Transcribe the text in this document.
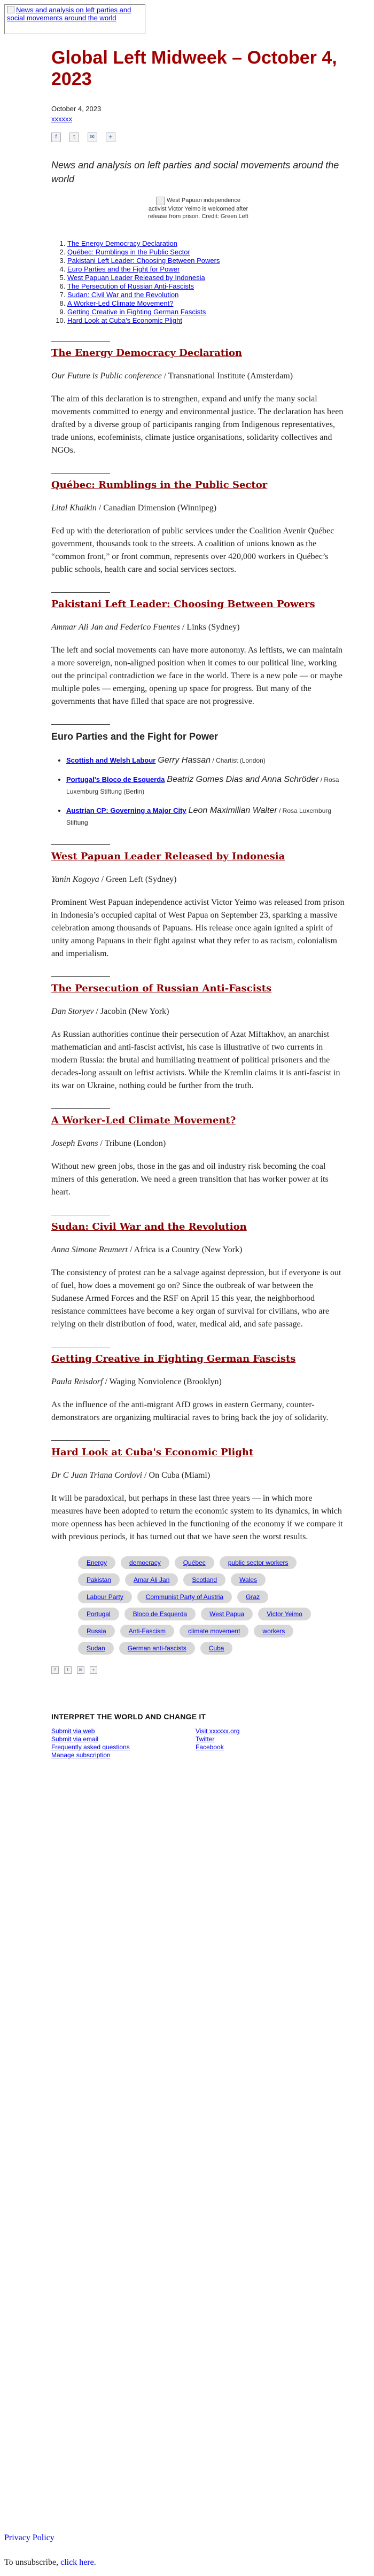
News and analysis on left parties and social movements around the world
Global Left Midweek – October 4, 2023
October 4, 2023
xxxxxx
f	t	✉	+
News and analysis on left parties and social movements around the world
West Papuan independence activist Victor Yeimo is welcomed after release from prison. Credit: Green Left
1. The Energy Democracy Declaration
2. Québec: Rumblings in the Public Sector
3. Pakistani Left Leader: Choosing Between Powers
4. Euro Parties and the Fight for Power
5. West Papuan Leader Released by Indonesia
6. The Persecution of Russian Anti-Fascists
7. Sudan: Civil War and the Revolution
8. A Worker-Led Climate Movement?
9. Getting Creative in Fighting German Fascists
10. Hard Look at Cuba's Economic Plight
The Energy Democracy Declaration
Our Future is Public conference / Transnational Institute (Amsterdam)
The aim of this declaration is to strengthen, expand and unify the many social movements committed to energy and environmental justice. The declaration has been drafted by a diverse group of participants ranging from Indigenous representatives, trade unions, ecofeminists, climate justice organisations, solidarity collectives and NGOs.
Québec: Rumblings in the Public Sector
Lital Khaikin / Canadian Dimension (Winnipeg)
Fed up with the deterioration of public services under the Coalition Avenir Québec government, thousands took to the streets. A coalition of unions known as the “common front,” or front commun, represents over 420,000 workers in Québec’s public schools, health care and social services sectors.
Pakistani Left Leader: Choosing Between Powers
Ammar Ali Jan and Federico Fuentes / Links (Sydney)
The left and social movements can have more autonomy. As leftists, we can maintain a more sovereign, non-aligned position when it comes to our political line, working out the principal contradiction we face in the world. There is a new pole — or maybe multiple poles — emerging, opening up space for progress. But many of the governments that have filled that space are not progressive.
Euro Parties and the Fight for Power
• Scottish and Welsh Labour Gerry Hassan / Chartist (London)
• Portugal's Bloco de Esquerda Beatriz Gomes Dias and Anna Schröder / Rosa Luxemburg Stiftung (Berlin)
• Austrian CP: Governing a Major City Leon Maximilian Walter / Rosa Luxemburg Stiftung
West Papuan Leader Released by Indonesia
Yanin Kogoya / Green Left (Sydney)
Prominent West Papuan independence activist Victor Yeimo was released from prison in Indonesia’s occupied capital of West Papua on September 23, sparking a massive celebration among thousands of Papuans. His release once again ignited a spirit of unity among Papuans in their fight against what they refer to as racism, colonialism and imperialism.
The Persecution of Russian Anti-Fascists
Dan Storyev / Jacobin (New York)
As Russian authorities continue their persecution of Azat Miftakhov, an anarchist mathematician and anti-fascist activist, his case is illustrative of two currents in modern Russia: the brutal and humiliating treatment of political prisoners and the decades-long assault on leftist activists. While the Kremlin claims it is anti-fascist in its war on Ukraine, nothing could be further from the truth.
A Worker-Led Climate Movement?
Joseph Evans / Tribune (London)
Without new green jobs, those in the gas and oil industry risk becoming the coal miners of this generation. We need a green transition that has worker power at its heart.
Sudan: Civil War and the Revolution
Anna Simone Reumert / Africa is a Country (New York)
The consistency of protest can be a salvage against depression, but if everyone is out of fuel, how does a movement go on? Since the outbreak of war between the Sudanese Armed Forces and the RSF on April 15 this year, the neighborhood resistance committees have become a key organ of survival for civilians, who are relying on their distribution of food, water, medical aid, and safe passage.
Getting Creative in Fighting German Fascists
Paula Reisdorf / Waging Nonviolence (Brooklyn)
As the influence of the anti-migrant AfD grows in eastern Germany, counter-demonstrators are organizing multiracial raves to bring back the joy of solidarity.
Hard Look at Cuba's Economic Plight
Dr C Juan Triana Cordovi / On Cuba (Miami)
It will be paradoxical, but perhaps in these last three years — in which more measures have been adopted to return the economic system to its dynamics, in which more openness has been achieved in the functioning of the economy if we compare it with previous periods, it has turned out that we have seen the worst results.
Energy	democracy	Québec	public sector workers
Pakistan	Amar Ali Jan	Scotland	Wales
Labour Party	Communist Party of Austria	Graz
Portugal	Bloco de Esquerda	West Papua	Victor Yeimo
Russia	Anti-Fascism	climate movement	workers
Sudan	German anti-fascists	Cuba
f	t	✉	+
INTERPRET THE WORLD AND CHANGE IT
Submit via web
Submit via email
Frequently asked questions
Manage subscription
Visit xxxxxx.org
Twitter
Facebook
Privacy Policy
To unsubscribe, click here.
